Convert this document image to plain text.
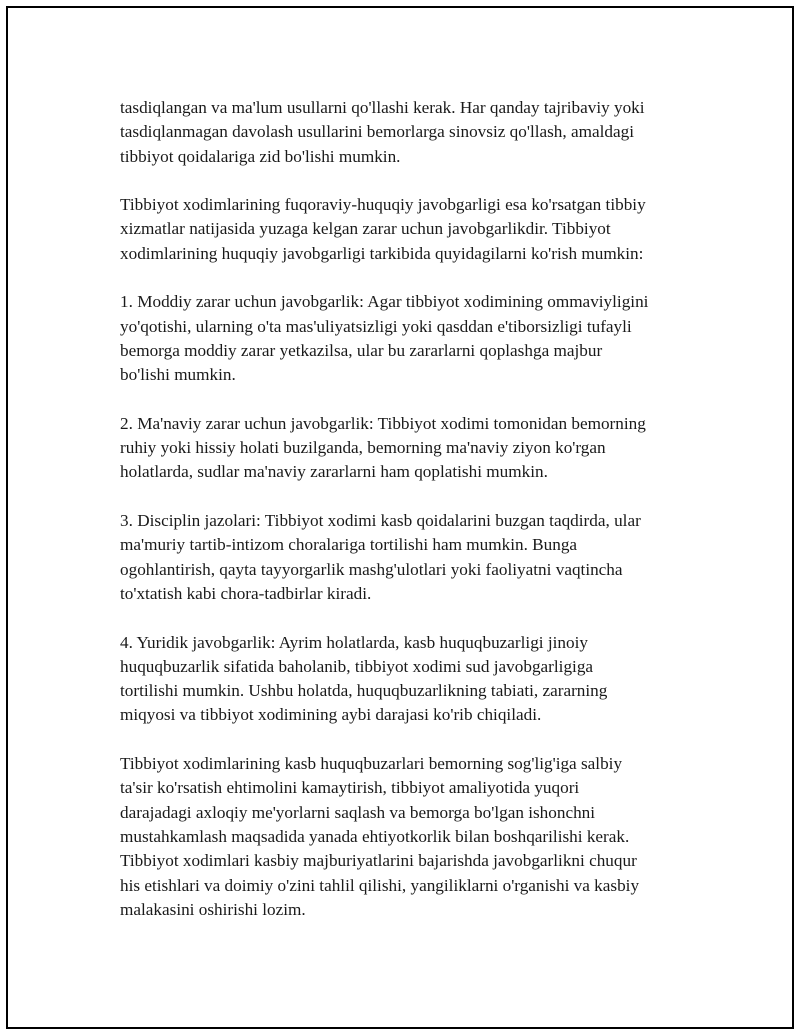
tasdiqlangan va ma'lum usullarni qo'llashi kerak. Har qanday tajribaviy yoki
tasdiqlanmagan davolash usullarini bemorlarga sinovsiz qo'llash, amaldagi
tibbiyot qoidalariga zid bo'lishi mumkin.

Tibbiyot xodimlarining fuqoraviy-huquqiy javobgarligi esa ko'rsatgan tibbiy
xizmatlar natijasida yuzaga kelgan zarar uchun javobgarlikdir. Tibbiyot
xodimlarining huquqiy javobgarligi tarkibida quyidagilarni ko'rish mumkin:

1. Moddiy zarar uchun javobgarlik: Agar tibbiyot xodimining ommaviyligini
yo'qotishi, ularning o'ta mas'uliyatsizligi yoki qasddan e'tiborsizligi tufayli
bemorga moddiy zarar yetkazilsa, ular bu zararlarni qoplashga majbur
bo'lishi mumkin.

2. Ma'naviy zarar uchun javobgarlik: Tibbiyot xodimi tomonidan bemorning
ruhiy yoki hissiy holati buzilganda, bemorning ma'naviy ziyon ko'rgan
holatlarda, sudlar ma'naviy zararlarni ham qoplatishi mumkin.

3. Disciplin jazolari: Tibbiyot xodimi kasb qoidalarini buzgan taqdirda, ular
ma'muriy tartib-intizom choralariga tortilishi ham mumkin. Bunga
ogohlantirish, qayta tayyorgarlik mashg'ulotlari yoki faoliyatni vaqtincha
to'xtatish kabi chora-tadbirlar kiradi.

4. Yuridik javobgarlik: Ayrim holatlarda, kasb huquqbuzarligi jinoiy
huquqbuzarlik sifatida baholanib, tibbiyot xodimi sud javobgarligiga
tortilishi mumkin. Ushbu holatda, huquqbuzarlikning tabiati, zararning
miqyosi va tibbiyot xodimining aybi darajasi ko'rib chiqiladi.

Tibbiyot xodimlarining kasb huquqbuzarlari bemorning sog'lig'iga salbiy
ta'sir ko'rsatish ehtimolini kamaytirish, tibbiyot amaliyotida yuqori
darajadagi axloqiy me'yorlarni saqlash va bemorga bo'lgan ishonchni
mustahkamlash maqsadida yanada ehtiyotkorlik bilan boshqarilishi kerak.
Tibbiyot xodimlari kasbiy majburiyatlarini bajarishda javobgarlikni chuqur
his etishlari va doimiy o'zini tahlil qilishi, yangiliklarni o'rganishi va kasbiy
malakasini oshirishi lozim.
